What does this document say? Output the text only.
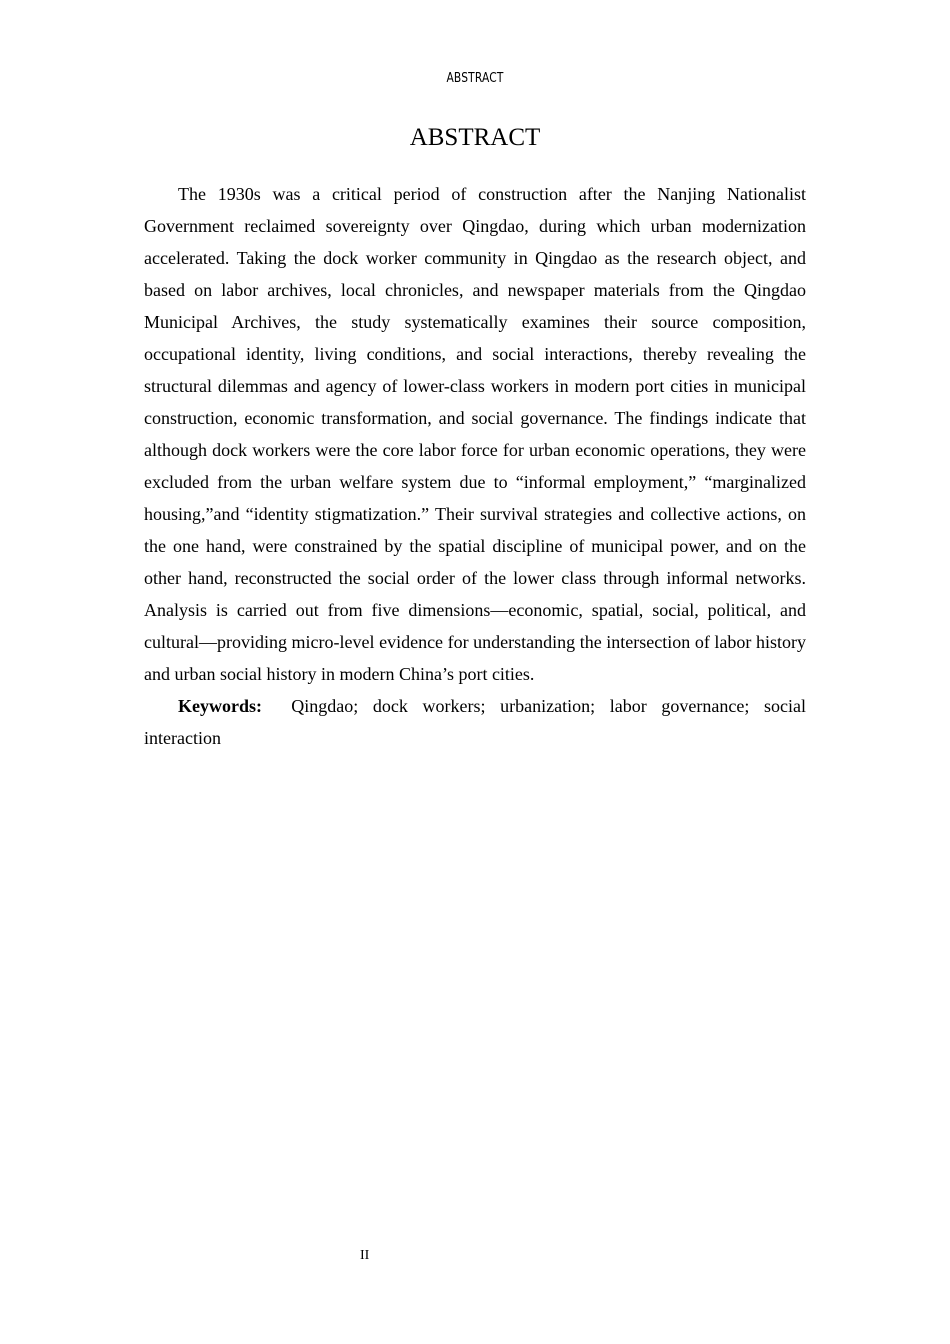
ABSTRACT
ABSTRACT

The 1930s was a critical period of construction after the Nanjing Nationalist Government reclaimed sovereignty over Qingdao, during which urban modernization accelerated. Taking the dock worker community in Qingdao as the research object, and based on labor archives, local chronicles, and newspaper materials from the Qingdao Municipal Archives, the study systematically examines their source composition, occupational identity, living conditions, and social interactions, thereby revealing the structural dilemmas and agency of lower-class workers in modern port cities in municipal construction, economic transformation, and social governance. The findings indicate that although dock workers were the core labor force for urban economic operations, they were excluded from the urban welfare system due to “informal employment,” “marginalized housing,”and “identity stigmatization.” Their survival strategies and collective actions, on the one hand, were constrained by the spatial discipline of municipal power, and on the other hand, reconstructed the social order of the lower class through informal networks. Analysis is carried out from five dimensions—economic, spatial, social, political, and cultural—providing micro-level evidence for understanding the intersection of labor history and urban social history in modern China’s port cities.

Keywords: Qingdao; dock workers; urbanization; labor governance; social interaction

II
